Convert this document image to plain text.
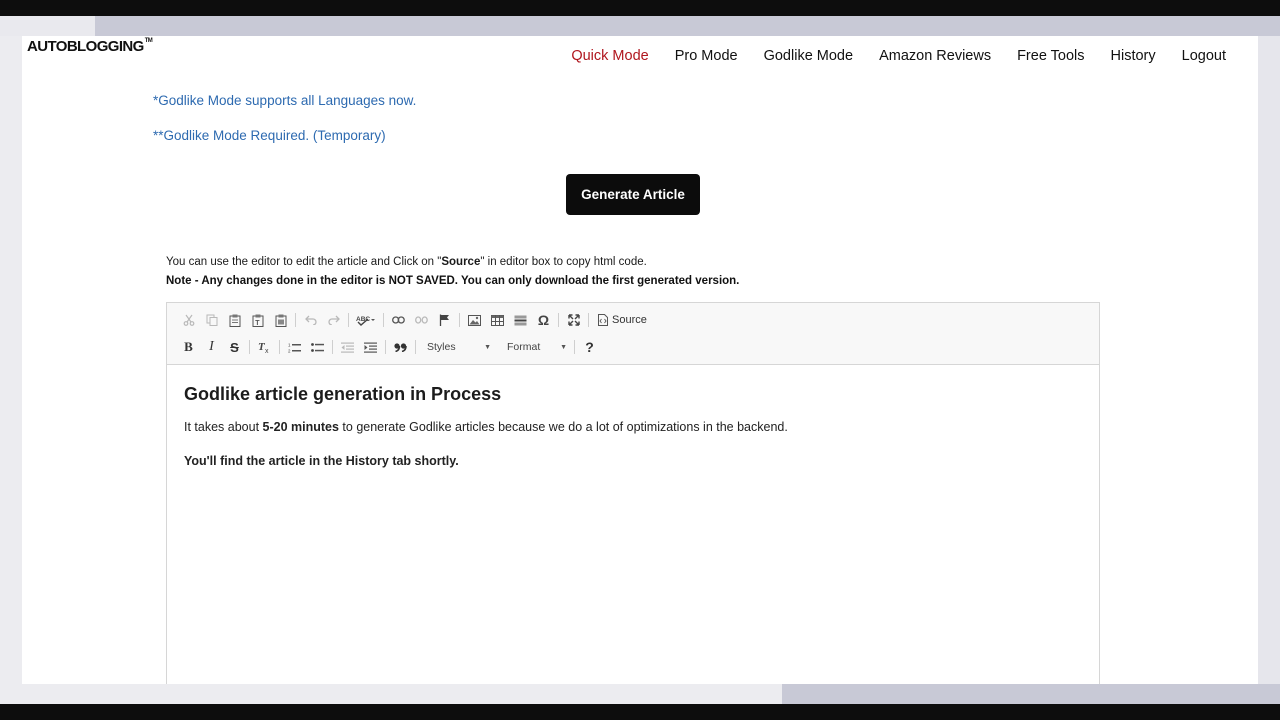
AUTO BLOGGING TM
Quick Mode Pro Mode Godlike Mode Amazon Reviews Free Tools History Logout
*Godlike Mode supports all Languages now.
**Godlike Mode Required. (Temporary)
Generate Article
You can use the editor to edit the article and Click on "Source" in editor box to copy html code.
Note - Any changes done in the editor is NOT SAVED. You can only download the first generated version.
T	ABC	Ω	Source
B	I	S	T x
1
2	Styles	▼ Format	▼	?
Godlike article generation in Process

It takes about 5-20 minutes to generate Godlike articles because we do a lot of optimizations in the backend.

You'll find the article in the History tab shortly.
